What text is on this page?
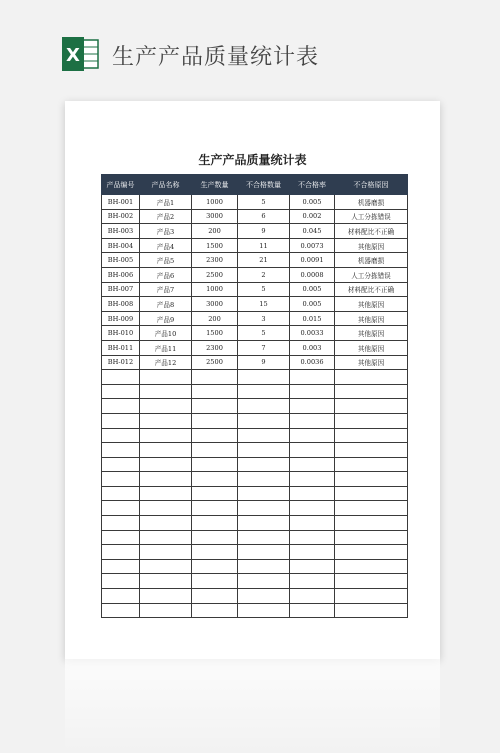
X 生产产品质量统计表
生产产品质量统计表
产品编号	产品名称	生产数量	不合格数量	不合格率	不合格原因
BH-001	产品1	1000	5	0.005	机器磨损
BH-002	产品2	3000	6	0.002	人工分拣错误
BH-003	产品3	200	9	0.045	材料配比不正确
BH-004	产品4	1500	11	0.0073	其他原因
BH-005	产品5	2300	21	0.0091	机器磨损
BH-006	产品6	2500	2	0.0008	人工分拣错误
BH-007	产品7	1000	5	0.005	材料配比不正确
BH-008	产品8	3000	15	0.005	其他原因
BH-009	产品9	200	3	0.015	其他原因
BH-010	产品10	1500	5	0.0033	其他原因
BH-011	产品11	2300	7	0.003	其他原因
BH-012	产品12	2500	9	0.0036	其他原因
